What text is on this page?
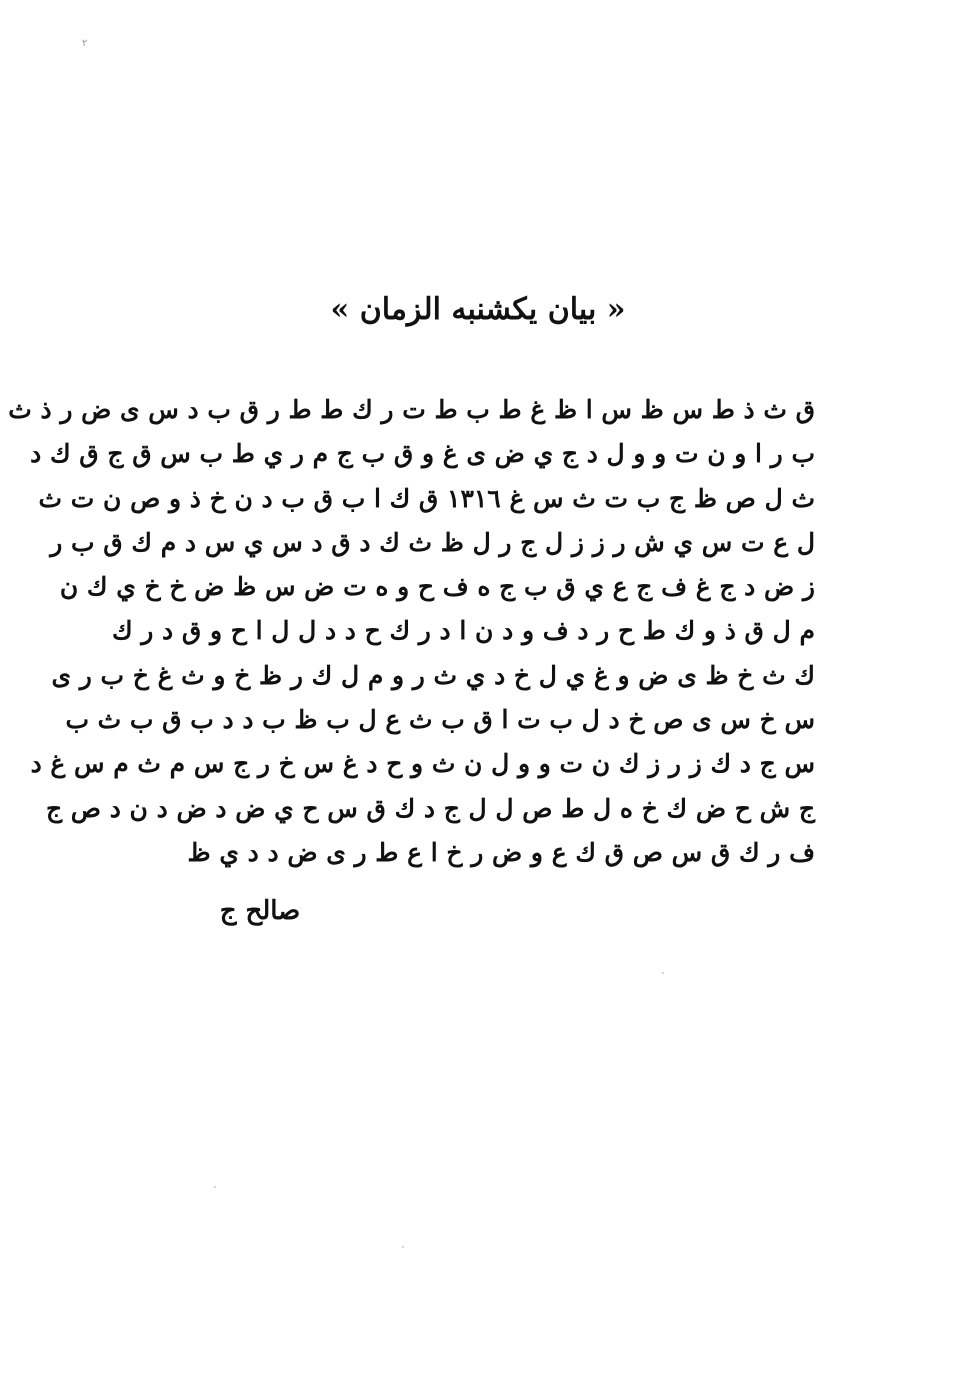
٢
« بیان یکشنبه الزمان »
ق ث ذ ط س ظ س ا ظ غ ط ب ط ت ر ك ط ط ر ق ب د س ى ض ر ذ ث
ب ر ا و ن ت و و ل د ج ي ض ى غ و ق ب ج م ر ي ط ب س ق ج ق ك د
ث ل ص ظ ج ب ت ث س غ ١٣١٦ ق ك ا ب ق ب د ن خ ذ و ص ن ت ث
ل ع ت س ي ش ر ز ز ل ج ر ل ظ ث ك د ق د س ي س د م ك ق ب ر
ز ض د ج غ ف ج ع ي ق ب ج ه ف ح و ه ت ض س ظ ض خ خ ي ك ن
م ل ق ذ و ك ط ح ر د ف و د ن ا د ر ك ح د د ل ل ا ح و ق د ر ك
ك ث خ ظ ى ض و غ ي ل خ د ي ث ر و م ل ك ر ظ خ و ث غ خ ب ر ى
س خ س ى ص خ د ل ب ت ا ق ب ث ع ل ب ظ ب د د ب ق ب ث ب
س ج د ك ز ر ز ك ن ت و و ل ن ث و ح د غ س خ ر ج س م ث م س غ د
ج ش ح ض ك خ ه ل ط ص ل ل ج د ك ق س ح ي ض د ض د ن د ص ج
ف ر ك ق س ص ق ك ع و ض ر خ ا ع ط ر ى ض د د ي ظ
صالح ج
